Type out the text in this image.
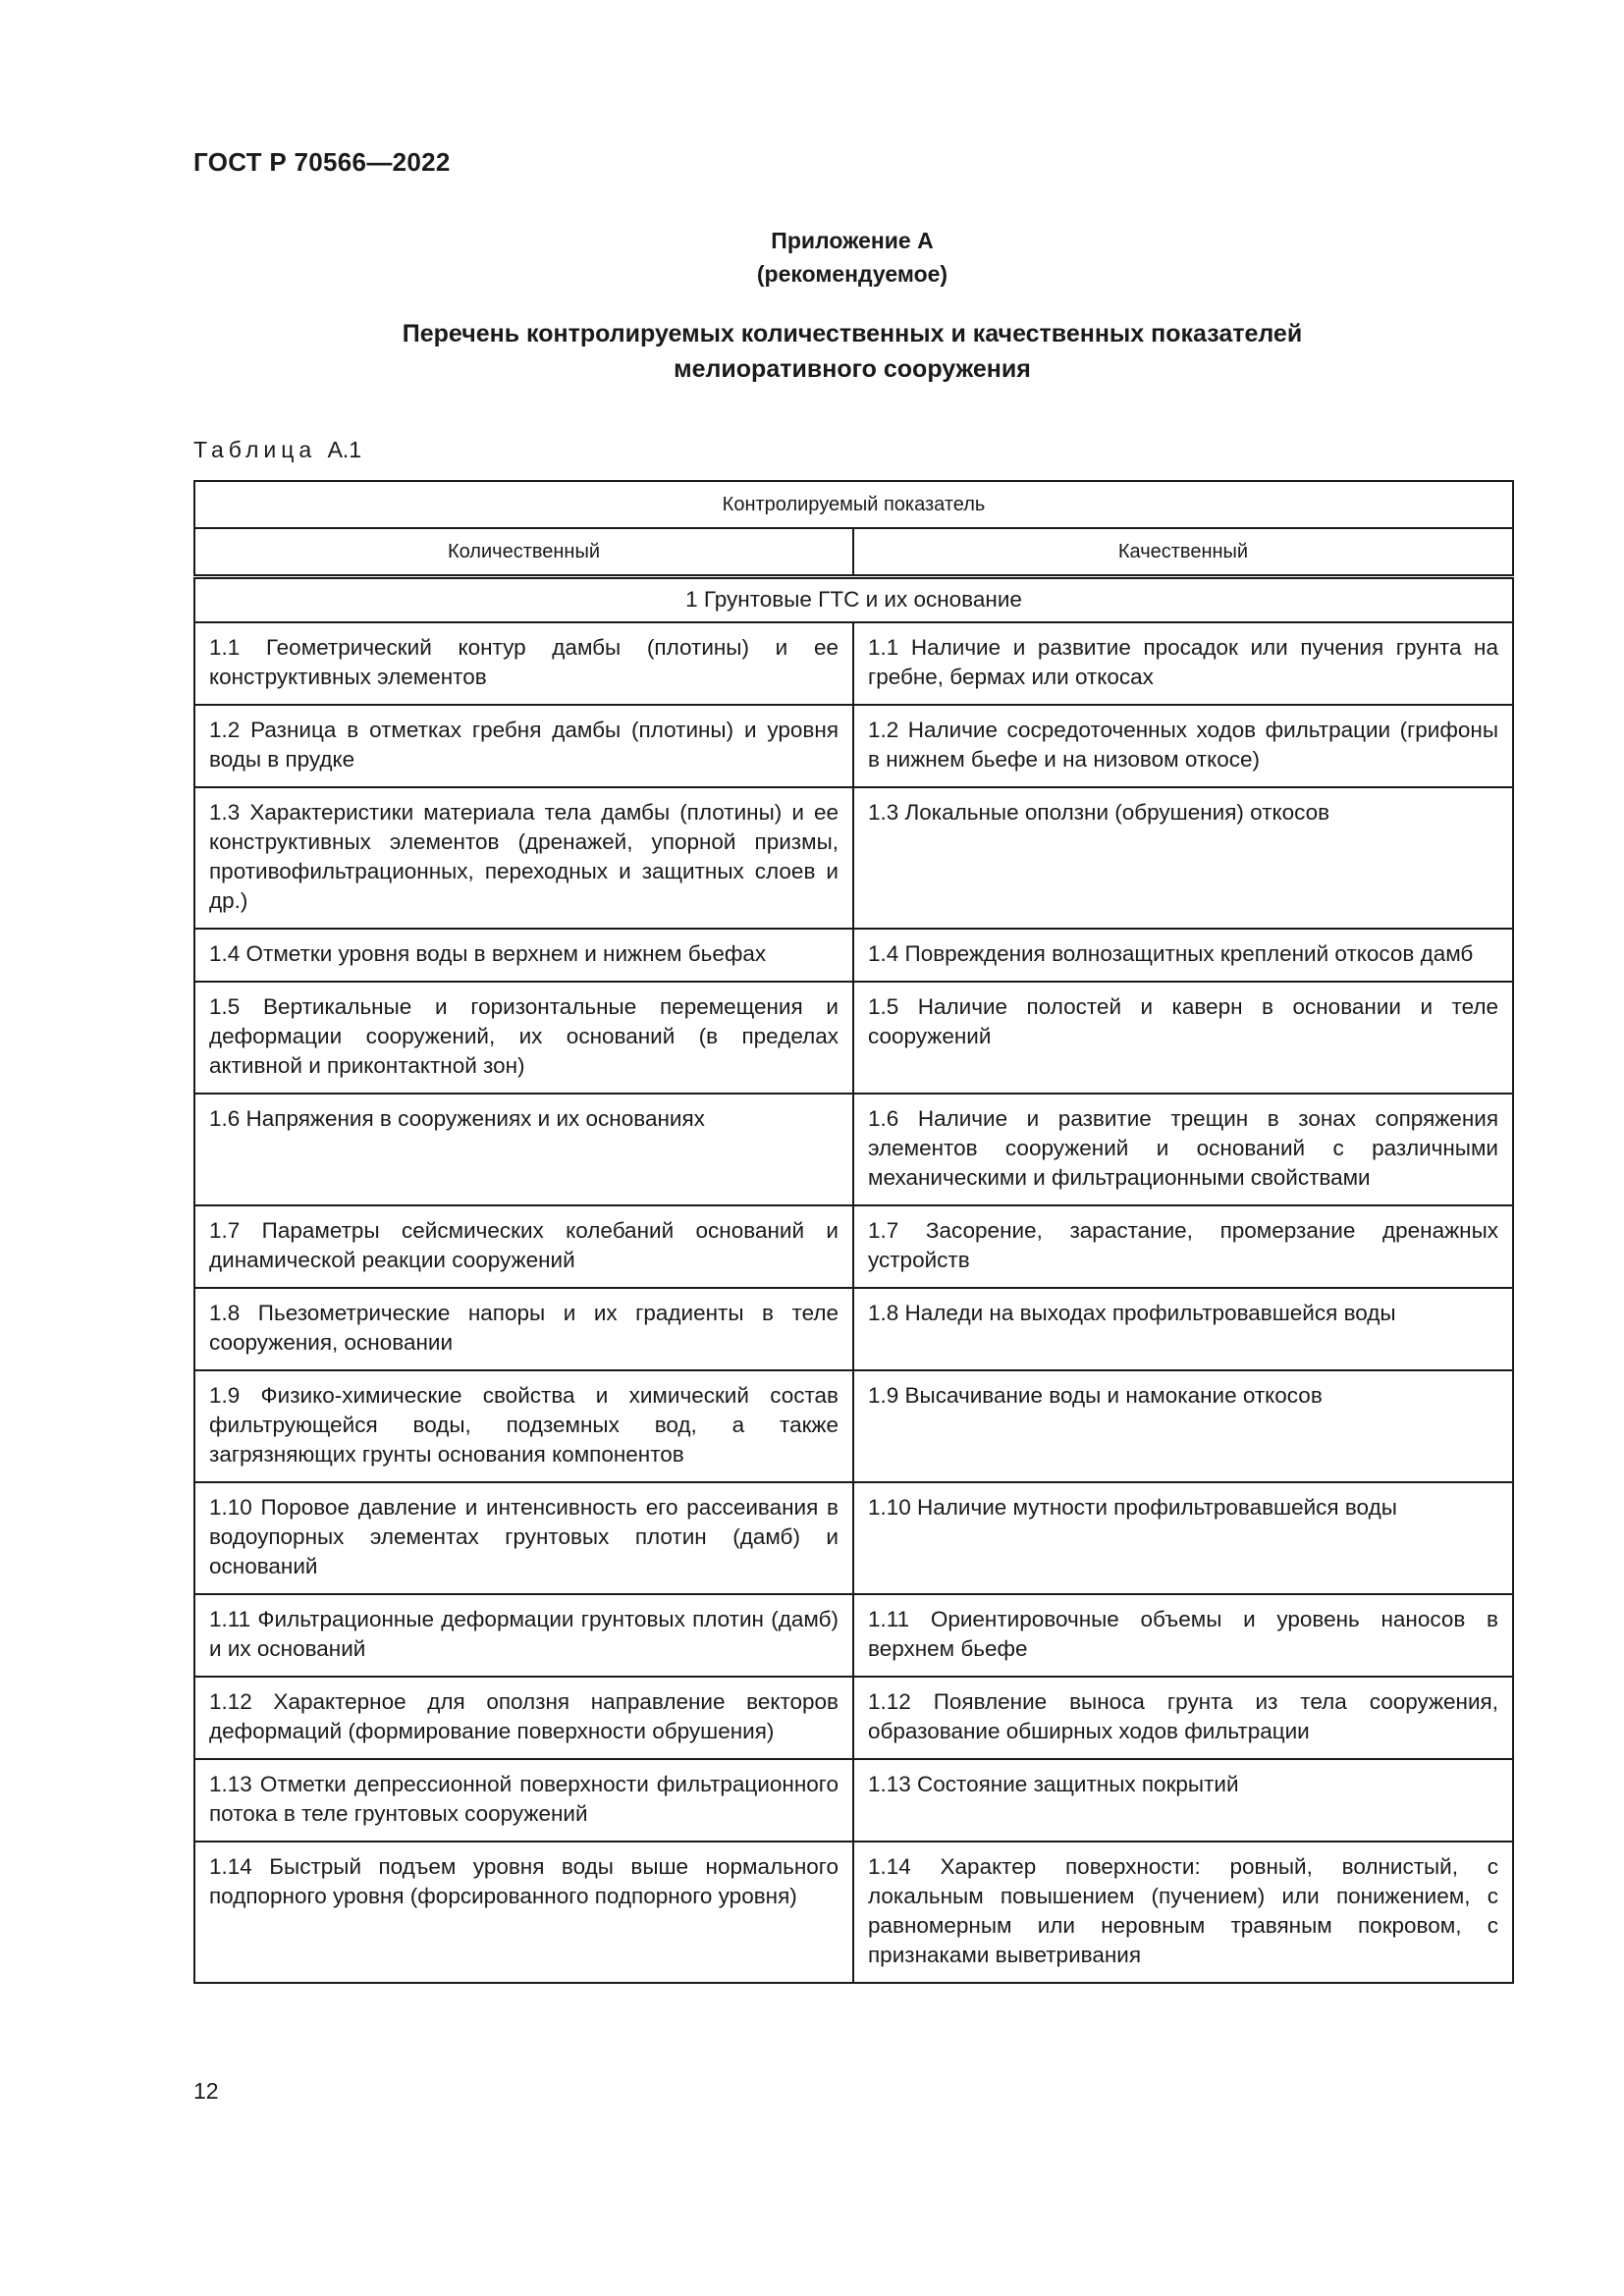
ГОСТ Р 70566—2022
Приложение А
(рекомендуемое)
Перечень контролируемых количественных и качественных показателей
мелиоративного сооружения
Таблица А.1
Контролируемый показатель	
Количественный	Качественный
1 Грунтовые ГТС и их основание	
1.1 Геометрический контур дамбы (плотины) и ее конструктивных элементов	1.1 Наличие и развитие просадок или пучения грунта на гребне, бермах или откосах
1.2 Разница в отметках гребня дамбы (плотины) и уровня воды в прудке	1.2 Наличие сосредоточенных ходов фильтрации (грифоны в нижнем бьефе и на низовом откосе)
1.3 Характеристики материала тела дамбы (плотины) и ее конструктивных элементов (дренажей, упорной призмы, противофильтрационных, переходных и защитных слоев и др.)	1.3 Локальные оползни (обрушения) откосов
1.4 Отметки уровня воды в верхнем и нижнем бьефах	1.4 Повреждения волнозащитных креплений откосов дамб
1.5 Вертикальные и горизонтальные перемещения и деформации сооружений, их оснований (в пределах активной и приконтактной зон)	1.5 Наличие полостей и каверн в основании и теле сооружений
1.6 Напряжения в сооружениях и их основаниях	1.6 Наличие и развитие трещин в зонах сопряжения элементов сооружений и оснований с различными механическими и фильтрационными свойствами
1.7 Параметры сейсмических колебаний оснований и динамической реакции сооружений	1.7 Засорение, зарастание, промерзание дренажных устройств
1.8 Пьезометрические напоры и их градиенты в теле сооружения, основании	1.8 Наледи на выходах профильтровавшейся воды
1.9 Физико-химические свойства и химический состав фильтрующейся воды, подземных вод, а также загрязняющих грунты основания компонентов	1.9 Высачивание воды и намокание откосов
1.10 Поровое давление и интенсивность его рассеивания в водоупорных элементах грунтовых плотин (дамб) и оснований	1.10 Наличие мутности профильтровавшейся воды
1.11 Фильтрационные деформации грунтовых плотин (дамб) и их оснований	1.11 Ориентировочные объемы и уровень наносов в верхнем бьефе
1.12 Характерное для оползня направление векторов деформаций (формирование поверхности обрушения)	1.12 Появление выноса грунта из тела сооружения, образование обширных ходов фильтрации
1.13 Отметки депрессионной поверхности фильтрационного потока в теле грунтовых сооружений	1.13 Состояние защитных покрытий
1.14 Быстрый подъем уровня воды выше нормального подпорного уровня (форсированного подпорного уровня)	1.14 Характер поверхности: ровный, волнистый, с локальным повышением (пучением) или понижением, с равномерным или неровным травяным покровом, с признаками выветривания
12
